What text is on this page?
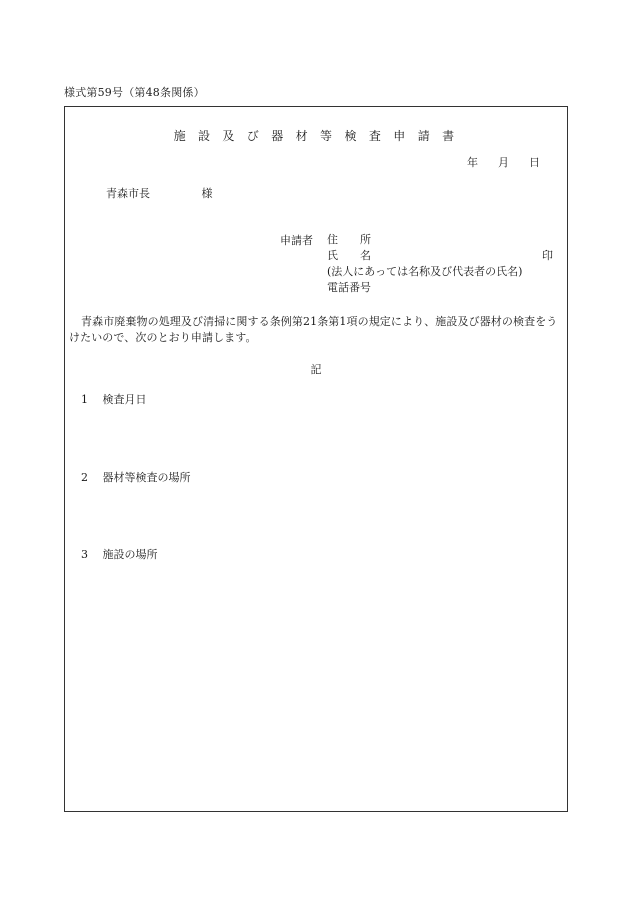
様式第59号（第48条関係）
施 設 及 び 器 材 等 検 査 申 請 書
年 月 日
青森市長	様
申請者 住　　所
氏　　名	印
(法人にあっては名称及び代表者の氏名)
電話番号
青森市廃棄物の処理及び清掃に関する条例第21条第1項の規定により、施設及び器材の検査をうけたいので、次のとおり申請します。
記
1 検査月日
2 器材等検査の場所
3 施設の場所
